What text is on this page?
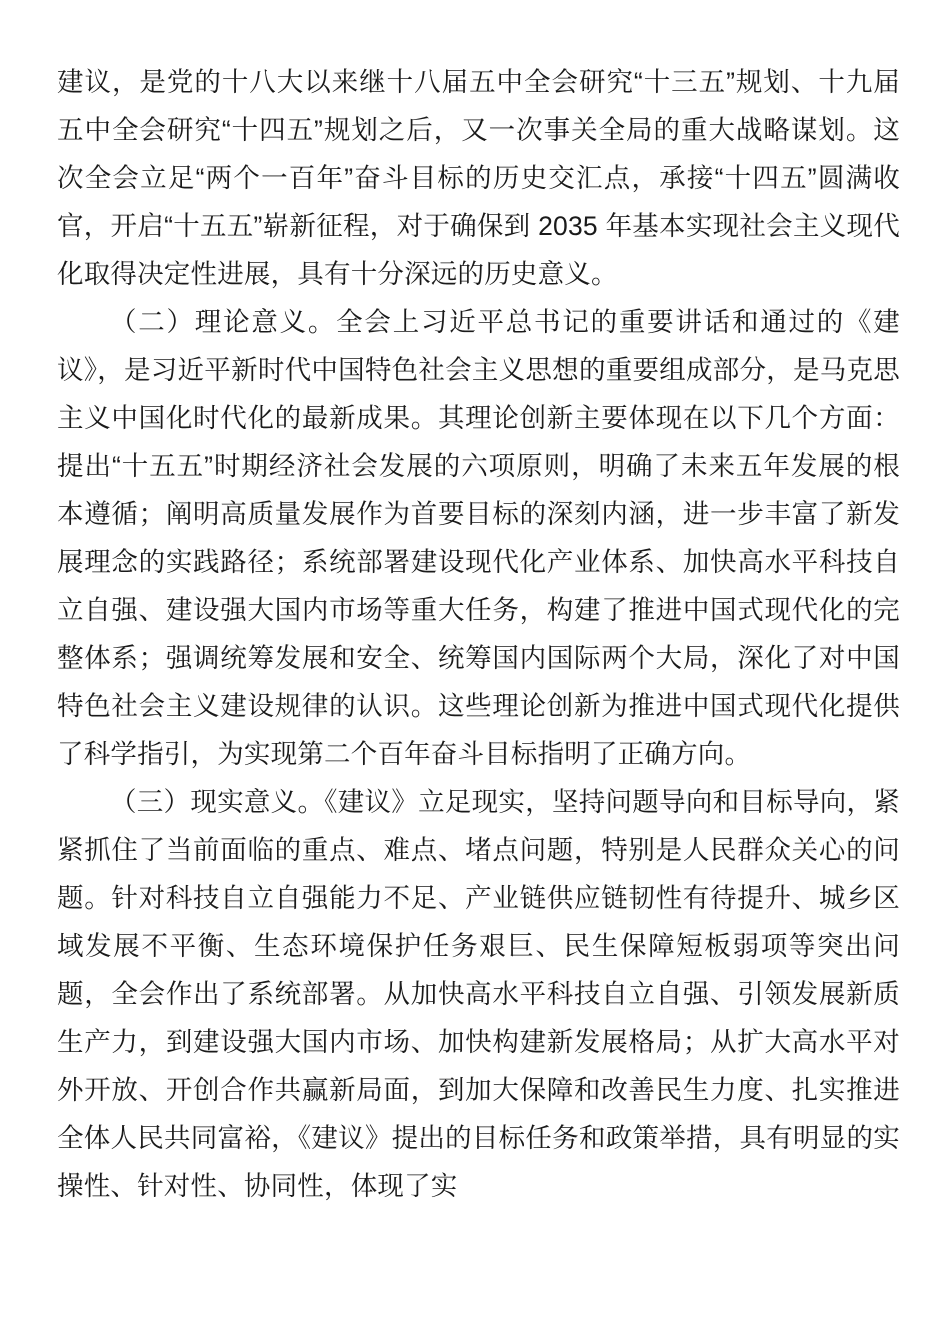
建议，是党的十八大以来继十八届五中全会研究“十三五”规划、十九届五中全会研究“十四五”规划之后，又一次事关全局的重大战略谋划。这次全会立足“两个一百年”奋斗目标的历史交汇点，承接“十四五”圆满收官，开启“十五五”崭新征程，对于确保到 2035 年基本实现社会主义现代化取得决定性进展，具有十分深远的历史意义。

（二）理论意义。全会上习近平总书记的重要讲话和通过的《建议》，是习近平新时代中国特色社会主义思想的重要组成部分，是马克思主义中国化时代化的最新成果。其理论创新主要体现在以下几个方面：提出“十五五”时期经济社会发展的六项原则，明确了未来五年发展的根本遵循；阐明高质量发展作为首要目标的深刻内涵，进一步丰富了新发展理念的实践路径；系统部署建设现代化产业体系、加快高水平科技自立自强、建设强大国内市场等重大任务，构建了推进中国式现代化的完整体系；强调统筹发展和安全、统筹国内国际两个大局，深化了对中国特色社会主义建设规律的认识。这些理论创新为推进中国式现代化提供了科学指引，为实现第二个百年奋斗目标指明了正确方向。

（三）现实意义。《建议》立足现实，坚持问题导向和目标导向，紧紧抓住了当前面临的重点、难点、堵点问题，特别是人民群众关心的问题。针对科技自立自强能力不足、产业链供应链韧性有待提升、城乡区域发展不平衡、生态环境保护任务艰巨、民生保障短板弱项等突出问题，全会作出了系统部署。从加快高水平科技自立自强、引领发展新质生产力，到建设强大国内市场、加快构建新发展格局；从扩大高水平对外开放、开创合作共赢新局面，到加大保障和改善民生力度、扎实推进全体人民共同富裕，《建议》提出的目标任务和政策举措，具有明显的实操性、针对性、协同性，体现了实
